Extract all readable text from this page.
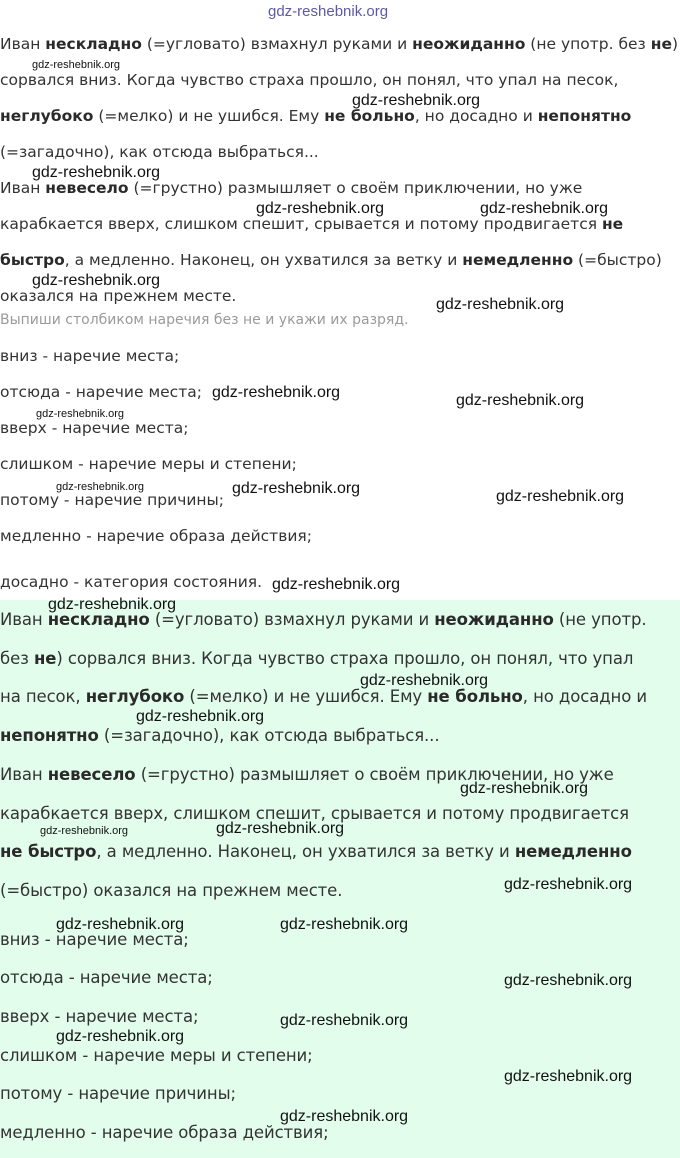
Иван нескладно (=угловато) взмахнул руками и неожиданно (не употр. без не)

сорвался вниз. Когда чувство страха прошло, он понял, что упал на песок,

неглубоко (=мелко) и не ушибся. Ему не больно, но досадно и непонятно

(=загадочно), как отсюда выбраться...

Иван невесело (=грустно) размышляет о своём приключении, но уже

карабкается вверх, слишком спешит, срывается и потому продвигается не

быстро, а медленно. Наконец, он ухватился за ветку и немедленно (=быстро)

оказался на прежнем месте.

Выпиши столбиком наречия без не и укажи их разряд.

вниз - наречие места;

отсюда - наречие места;

вверх - наречие места;

слишком - наречие меры и степени;

потому - наречие причины;

медленно - наречие образа действия;

досадно - категория состояния.

Иван нескладно (=угловато) взмахнул руками и неожиданно (не употр.

без не) сорвался вниз. Когда чувство страха прошло, он понял, что упал

на песок, неглубоко (=мелко) и не ушибся. Ему не больно, но досадно и

непонятно (=загадочно), как отсюда выбраться...

Иван невесело (=грустно) размышляет о своём приключении, но уже

карабкается вверх, слишком спешит, срывается и потому продвигается

не быстро, а медленно. Наконец, он ухватился за ветку и немедленно

(=быстро) оказался на прежнем месте.

вниз - наречие места;

отсюда - наречие места;

вверх - наречие места;

слишком - наречие меры и степени;

потому - наречие причины;

медленно - наречие образа действия;

gdz-reshebnik.org
gdz-reshebnik.org
gdz-reshebnik.org
gdz-reshebnik.org
gdz-reshebnik.org	gdz-reshebnik.org
gdz-reshebnik.org
gdz-reshebnik.org
gdz-reshebnik.org	gdz-reshebnik.org
gdz-reshebnik.org
gdz-reshebnik.org	gdz-reshebnik.org	gdz-reshebnik.org
gdz-reshebnik.org
gdz-reshebnik.org
gdz-reshebnik.org
gdz-reshebnik.org
gdz-reshebnik.org
gdz-reshebnik.org	gdz-reshebnik.org
gdz-reshebnik.org
gdz-reshebnik.org	gdz-reshebnik.org
gdz-reshebnik.org
gdz-reshebnik.org
gdz-reshebnik.org
gdz-reshebnik.org
gdz-reshebnik.org
